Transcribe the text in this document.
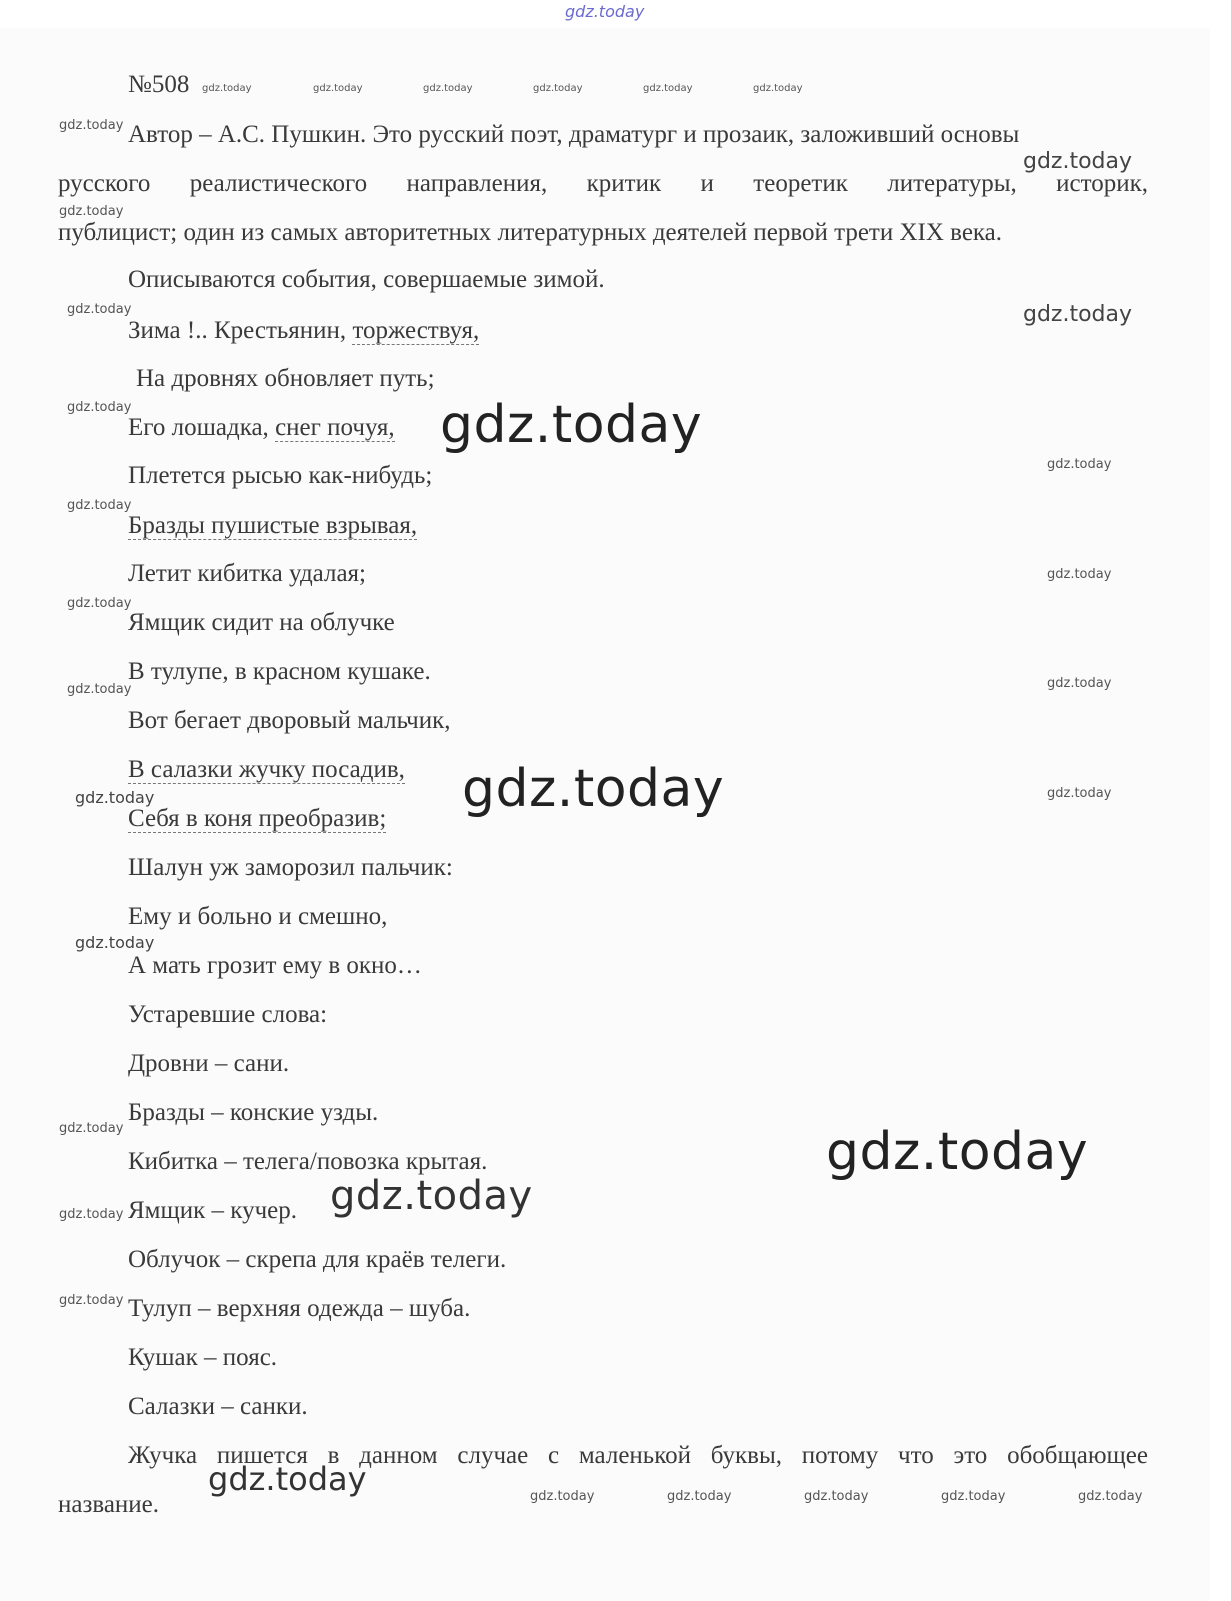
gdz.today

№508

Автор – А.С. Пушкин. Это русский поэт, драматург и прозаик, заложивший основы

русского реалистического направления, критик и теоретик литературы, историк,

публицист; один из самых авторитетных литературных деятелей первой трети XIX века.

Описываются события, совершаемые зимой.

Зима !.. Крестьянин, торжествуя,

На дровнях обновляет путь;

Его лошадка, снег почуя,

Плетется рысью как-нибудь;

Бразды пушистые взрывая,

Летит кибитка удалая;

Ямщик сидит на облучке

В тулупе, в красном кушаке.

Вот бегает дворовый мальчик,

В салазки жучку посадив,

Себя в коня преобразив;

Шалун уж заморозил пальчик:

Ему и больно и смешно,

А мать грозит ему в окно…

Устаревшие слова:

Дровни – сани.

Бразды – конские узды.

Кибитка – телега/повозка крытая.

Ямщик – кучер.

Облучок – скрепа для краёв телеги.

Тулуп – верхняя одежда – шуба.

Кушак – пояс.

Салазки – санки.

Жучка пишется в данном случае с маленькой буквы, потому что это обобщающее

название.

gdz.today	gdz.today	gdz.today	gdz.today	gdz.today	gdz.today
gdz.today
gdz.today
gdz.today
gdz.today	gdz.today
gdz.today	gdz.today
gdz.today
gdz.today
gdz.today
gdz.today
gdz.today
gdz.today
gdz.today	gdz.today
gdz.today
gdz.today
gdz.today	gdz.today
gdz.today
gdz.today
gdz.today
gdz.today	gdz.today	gdz.today	gdz.today	gdz.today	gdz.today
